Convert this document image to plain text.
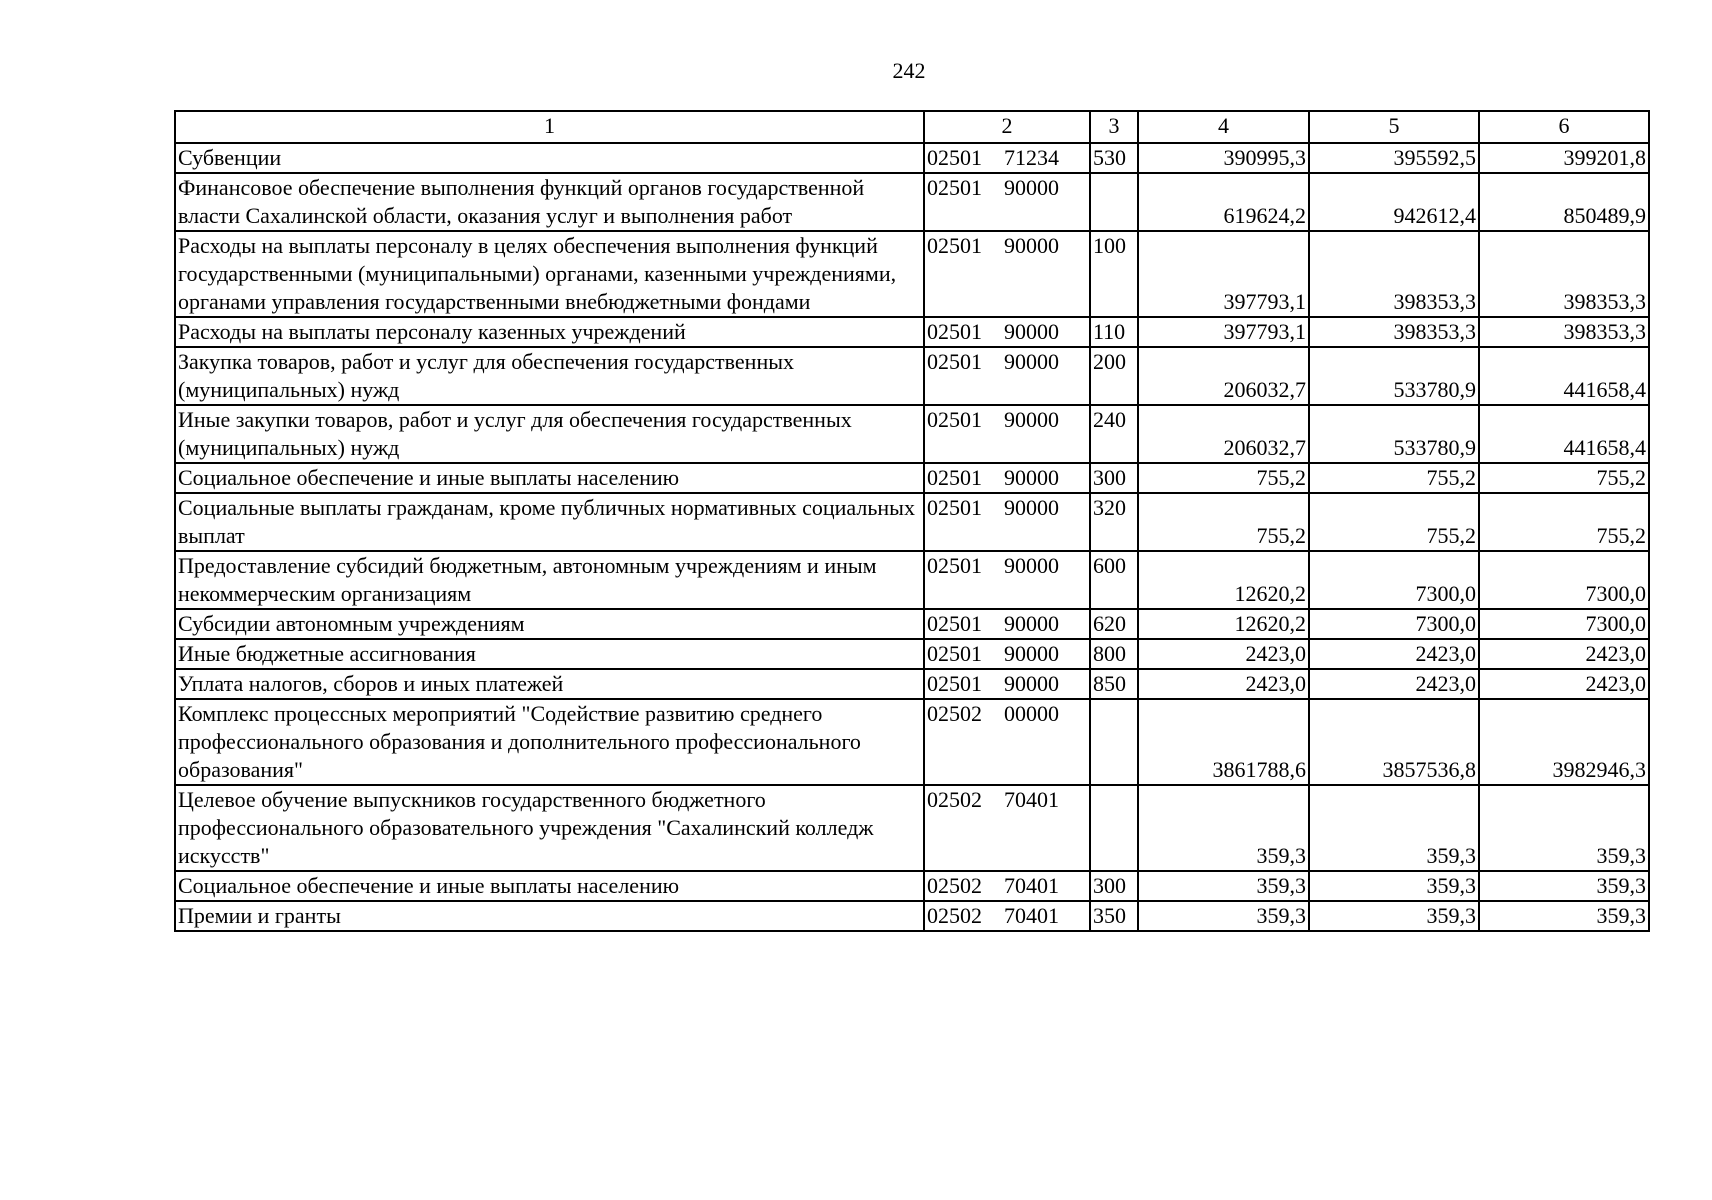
242
1	2	3	4	5	6
Субвенции	02501 71234	530	390995,3	395592,5	399201,8
Финансовое обеспечение выполнения функций органов государственной власти Сахалинской области, оказания услуг и выполнения работ	02501 90000		619624,2	942612,4	850489,9
Расходы на выплаты персоналу в целях обеспечения выполнения функций государственными (муниципальными) органами, казенными учреждениями, органами управления государственными внебюджетными фондами	02501 90000	100	397793,1	398353,3	398353,3
Расходы на выплаты персоналу казенных учреждений	02501 90000	110	397793,1	398353,3	398353,3
Закупка товаров, работ и услуг для обеспечения государственных (муниципальных) нужд	02501 90000	200	206032,7	533780,9	441658,4
Иные закупки товаров, работ и услуг для обеспечения государственных (муниципальных) нужд	02501 90000	240	206032,7	533780,9	441658,4
Социальное обеспечение и иные выплаты населению	02501 90000	300	755,2	755,2	755,2
Социальные выплаты гражданам, кроме публичных нормативных социальных выплат	02501 90000	320	755,2	755,2	755,2
Предоставление субсидий бюджетным, автономным учреждениям и иным некоммерческим организациям	02501 90000	600	12620,2	7300,0	7300,0
Субсидии автономным учреждениям	02501 90000	620	12620,2	7300,0	7300,0
Иные бюджетные ассигнования	02501 90000	800	2423,0	2423,0	2423,0
Уплата налогов, сборов и иных платежей	02501 90000	850	2423,0	2423,0	2423,0
Комплекс процессных мероприятий "Содействие развитию среднего профессионального образования и дополнительного профессионального образования"	02502 00000		3861788,6	3857536,8	3982946,3
Целевое обучение выпускников государственного бюджетного профессионального образовательного учреждения "Сахалинский колледж искусств"	02502 70401		359,3	359,3	359,3
Социальное обеспечение и иные выплаты населению	02502 70401	300	359,3	359,3	359,3
Премии и гранты	02502 70401	350	359,3	359,3	359,3
